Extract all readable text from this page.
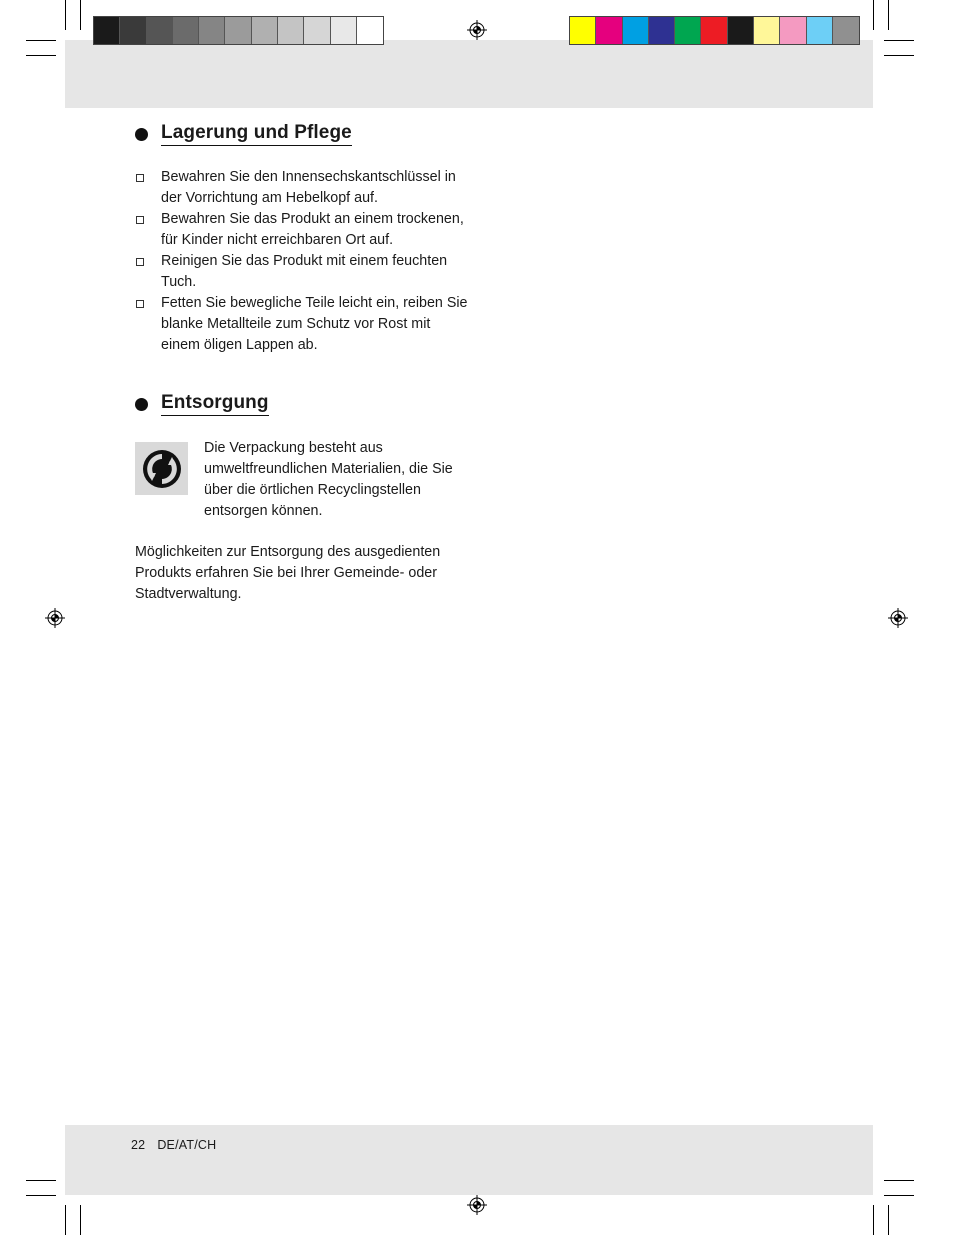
Lagerung und Pflege
Bewahren Sie den Innensechskantschlüssel in der Vorrichtung am Hebelkopf auf.
Bewahren Sie das Produkt an einem trockenen, für Kinder nicht erreichbaren Ort auf.
Reinigen Sie das Produkt mit einem feuchten Tuch.
Fetten Sie bewegliche Teile leicht ein, reiben Sie blanke Metallteile zum Schutz vor Rost mit einem öligen Lappen ab.
Entsorgung

Die Verpackung besteht aus umweltfreundlichen Materialien, die Sie über die örtlichen Recyclingstellen entsorgen können.

Möglichkeiten zur Entsorgung des ausgedienten Produkts erfahren Sie bei Ihrer Gemeinde- oder Stadtverwaltung.

22 DE/AT/CH
